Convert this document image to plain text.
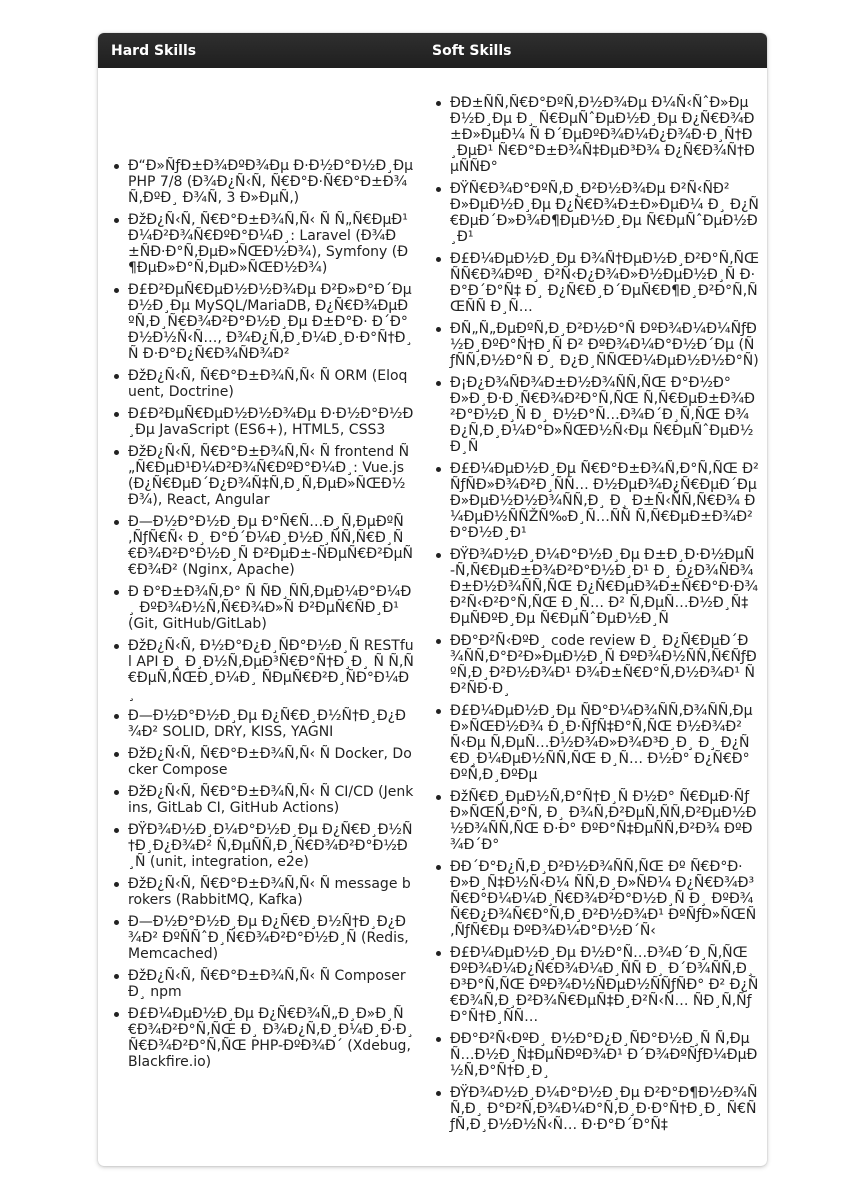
Hard Skills	Soft Skills
Ð“Ð»ÑƒÐ±Ð¾ÐºÐ¾Ðµ Ð·Ð½Ð°Ð½Ð¸Ðµ PHP 7/8 (Ð¾Ð¿Ñ‹Ñ‚ Ñ€Ð°Ð·Ñ€Ð°Ð±Ð¾Ñ‚ÐºÐ¸ Ð¾Ñ‚ 3 Ð»ÐµÑ‚)
ÐžÐ¿Ñ‹Ñ‚ Ñ€Ð°Ð±Ð¾Ñ‚Ñ‹ Ñ Ñ„Ñ€ÐµÐ¹Ð¼Ð²Ð¾Ñ€ÐºÐ°Ð¼Ð¸: Laravel (Ð¾Ð±ÑÐ·Ð°Ñ‚ÐµÐ»ÑŒÐ½Ð¾), Symfony (Ð¶ÐµÐ»Ð°Ñ‚ÐµÐ»ÑŒÐ½Ð¾)
Ð£Ð²ÐµÑ€ÐµÐ½Ð½Ð¾Ðµ Ð²Ð»Ð°Ð´ÐµÐ½Ð¸Ðµ MySQL/MariaDB, Ð¿Ñ€Ð¾ÐµÐºÑ‚Ð¸Ñ€Ð¾Ð²Ð°Ð½Ð¸Ðµ Ð±Ð°Ð· Ð´Ð°Ð½Ð½Ñ‹Ñ…, Ð¾Ð¿Ñ‚Ð¸Ð¼Ð¸Ð·Ð°Ñ†Ð¸Ñ Ð·Ð°Ð¿Ñ€Ð¾ÑÐ¾Ð²
ÐžÐ¿Ñ‹Ñ‚ Ñ€Ð°Ð±Ð¾Ñ‚Ñ‹ Ñ ORM (Eloquent, Doctrine)
Ð£Ð²ÐµÑ€ÐµÐ½Ð½Ð¾Ðµ Ð·Ð½Ð°Ð½Ð¸Ðµ JavaScript (ES6+), HTML5, CSS3
ÐžÐ¿Ñ‹Ñ‚ Ñ€Ð°Ð±Ð¾Ñ‚Ñ‹ Ñ frontend Ñ„Ñ€ÐµÐ¹Ð¼Ð²Ð¾Ñ€ÐºÐ°Ð¼Ð¸: Vue.js (Ð¿Ñ€ÐµÐ´Ð¿Ð¾Ñ‡Ñ‚Ð¸Ñ‚ÐµÐ»ÑŒÐ½Ð¾), React, Angular
Ð—Ð½Ð°Ð½Ð¸Ðµ Ð°Ñ€Ñ…Ð¸Ñ‚ÐµÐºÑ‚ÑƒÑ€Ñ‹ Ð¸ Ð°Ð´Ð¼Ð¸Ð½Ð¸ÑÑ‚Ñ€Ð¸Ñ€Ð¾Ð²Ð°Ð½Ð¸Ñ Ð²ÐµÐ±-ÑÐµÑ€Ð²ÐµÑ€Ð¾Ð² (Nginx, Apache)
Ð Ð°Ð±Ð¾Ñ‚Ð° Ñ ÑÐ¸ÑÑ‚ÐµÐ¼Ð°Ð¼Ð¸ ÐºÐ¾Ð½Ñ‚Ñ€Ð¾Ð»Ñ Ð²ÐµÑ€ÑÐ¸Ð¹ (Git, GitHub/GitLab)
ÐžÐ¿Ñ‹Ñ‚ Ð½Ð°Ð¿Ð¸ÑÐ°Ð½Ð¸Ñ RESTful API Ð¸ Ð¸Ð½Ñ‚ÐµÐ³Ñ€Ð°Ñ†Ð¸Ð¸ Ñ Ñ‚Ñ€ÐµÑ‚ÑŒÐ¸Ð¼Ð¸ ÑÐµÑ€Ð²Ð¸ÑÐ°Ð¼Ð¸
Ð—Ð½Ð°Ð½Ð¸Ðµ Ð¿Ñ€Ð¸Ð½Ñ†Ð¸Ð¿Ð¾Ð² SOLID, DRY, KISS, YAGNI
ÐžÐ¿Ñ‹Ñ‚ Ñ€Ð°Ð±Ð¾Ñ‚Ñ‹ Ñ Docker, Docker Compose
ÐžÐ¿Ñ‹Ñ‚ Ñ€Ð°Ð±Ð¾Ñ‚Ñ‹ Ñ CI/CD (Jenkins, GitLab CI, GitHub Actions)
ÐŸÐ¾Ð½Ð¸Ð¼Ð°Ð½Ð¸Ðµ Ð¿Ñ€Ð¸Ð½Ñ†Ð¸Ð¿Ð¾Ð² Ñ‚ÐµÑÑ‚Ð¸Ñ€Ð¾Ð²Ð°Ð½Ð¸Ñ (unit, integration, e2e)
ÐžÐ¿Ñ‹Ñ‚ Ñ€Ð°Ð±Ð¾Ñ‚Ñ‹ Ñ message brokers (RabbitMQ, Kafka)
Ð—Ð½Ð°Ð½Ð¸Ðµ Ð¿Ñ€Ð¸Ð½Ñ†Ð¸Ð¿Ð¾Ð² ÐºÑÑˆÐ¸Ñ€Ð¾Ð²Ð°Ð½Ð¸Ñ (Redis, Memcached)
ÐžÐ¿Ñ‹Ñ‚ Ñ€Ð°Ð±Ð¾Ñ‚Ñ‹ Ñ Composer Ð¸ npm
Ð£Ð¼ÐµÐ½Ð¸Ðµ Ð¿Ñ€Ð¾Ñ„Ð¸Ð»Ð¸Ñ€Ð¾Ð²Ð°Ñ‚ÑŒ Ð¸ Ð¾Ð¿Ñ‚Ð¸Ð¼Ð¸Ð·Ð¸Ñ€Ð¾Ð²Ð°Ñ‚ÑŒ PHP-ÐºÐ¾Ð´ (Xdebug, Blackfire.io)
ÐÐ±ÑÑ‚Ñ€Ð°ÐºÑ‚Ð½Ð¾Ðµ Ð¼Ñ‹ÑˆÐ»ÐµÐ½Ð¸Ðµ Ð¸ Ñ€ÐµÑˆÐµÐ½Ð¸Ðµ Ð¿Ñ€Ð¾Ð±Ð»ÐµÐ¼ Ñ Ð´ÐµÐºÐ¾Ð¼Ð¿Ð¾Ð·Ð¸Ñ†Ð¸ÐµÐ¹ Ñ€Ð°Ð±Ð¾Ñ‡ÐµÐ³Ð¾ Ð¿Ñ€Ð¾Ñ†ÐµÑÑÐ°
ÐŸÑ€Ð¾Ð°ÐºÑ‚Ð¸Ð²Ð½Ð¾Ðµ Ð²Ñ‹ÑÐ²Ð»ÐµÐ½Ð¸Ðµ Ð¿Ñ€Ð¾Ð±Ð»ÐµÐ¼ Ð¸ Ð¿Ñ€ÐµÐ´Ð»Ð¾Ð¶ÐµÐ½Ð¸Ðµ Ñ€ÐµÑˆÐµÐ½Ð¸Ð¹
Ð£Ð¼ÐµÐ½Ð¸Ðµ Ð¾Ñ†ÐµÐ½Ð¸Ð²Ð°Ñ‚ÑŒ ÑÑ€Ð¾ÐºÐ¸ Ð²Ñ‹Ð¿Ð¾Ð»Ð½ÐµÐ½Ð¸Ñ Ð·Ð°Ð´Ð°Ñ‡ Ð¸ Ð¿Ñ€Ð¸Ð´ÐµÑ€Ð¶Ð¸Ð²Ð°Ñ‚ÑŒÑÑ Ð¸Ñ…
ÐÑ„Ñ„ÐµÐºÑ‚Ð¸Ð²Ð½Ð°Ñ ÐºÐ¾Ð¼Ð¼ÑƒÐ½Ð¸ÐºÐ°Ñ†Ð¸Ñ Ð² ÐºÐ¾Ð¼Ð°Ð½Ð´Ðµ (ÑƒÑÑ‚Ð½Ð°Ñ Ð¸ Ð¿Ð¸ÑÑŒÐ¼ÐµÐ½Ð½Ð°Ñ)
Ð¡Ð¿Ð¾ÑÐ¾Ð±Ð½Ð¾ÑÑ‚ÑŒ Ð°Ð½Ð°Ð»Ð¸Ð·Ð¸Ñ€Ð¾Ð²Ð°Ñ‚ÑŒ Ñ‚Ñ€ÐµÐ±Ð¾Ð²Ð°Ð½Ð¸Ñ Ð¸ Ð½Ð°Ñ…Ð¾Ð´Ð¸Ñ‚ÑŒ Ð¾Ð¿Ñ‚Ð¸Ð¼Ð°Ð»ÑŒÐ½Ñ‹Ðµ Ñ€ÐµÑˆÐµÐ½Ð¸Ñ
Ð£Ð¼ÐµÐ½Ð¸Ðµ Ñ€Ð°Ð±Ð¾Ñ‚Ð°Ñ‚ÑŒ Ð² ÑƒÑÐ»Ð¾Ð²Ð¸ÑÑ… Ð½ÐµÐ¾Ð¿Ñ€ÐµÐ´ÐµÐ»ÐµÐ½Ð½Ð¾ÑÑ‚Ð¸ Ð¸ Ð±Ñ‹ÑÑ‚Ñ€Ð¾ Ð¼ÐµÐ½ÑÑŽÑ‰Ð¸Ñ…ÑÑ Ñ‚Ñ€ÐµÐ±Ð¾Ð²Ð°Ð½Ð¸Ð¹
ÐŸÐ¾Ð½Ð¸Ð¼Ð°Ð½Ð¸Ðµ Ð±Ð¸Ð·Ð½ÐµÑ-Ñ‚Ñ€ÐµÐ±Ð¾Ð²Ð°Ð½Ð¸Ð¹ Ð¸ Ð¿Ð¾ÑÐ¾Ð±Ð½Ð¾ÑÑ‚ÑŒ Ð¿Ñ€ÐµÐ¾Ð±Ñ€Ð°Ð·Ð¾Ð²Ñ‹Ð²Ð°Ñ‚ÑŒ Ð¸Ñ… Ð² Ñ‚ÐµÑ…Ð½Ð¸Ñ‡ÐµÑÐºÐ¸Ðµ Ñ€ÐµÑˆÐµÐ½Ð¸Ñ
ÐÐ°Ð²Ñ‹ÐºÐ¸ code review Ð¸ Ð¿Ñ€ÐµÐ´Ð¾ÑÑ‚Ð°Ð²Ð»ÐµÐ½Ð¸Ñ ÐºÐ¾Ð½ÑÑ‚Ñ€ÑƒÐºÑ‚Ð¸Ð²Ð½Ð¾Ð¹ Ð¾Ð±Ñ€Ð°Ñ‚Ð½Ð¾Ð¹ ÑÐ²ÑÐ·Ð¸
Ð£Ð¼ÐµÐ½Ð¸Ðµ ÑÐ°Ð¼Ð¾ÑÑ‚Ð¾ÑÑ‚ÐµÐ»ÑŒÐ½Ð¾ Ð¸Ð·ÑƒÑ‡Ð°Ñ‚ÑŒ Ð½Ð¾Ð²Ñ‹Ðµ Ñ‚ÐµÑ…Ð½Ð¾Ð»Ð¾Ð³Ð¸Ð¸ Ð¸ Ð¿Ñ€Ð¸Ð¼ÐµÐ½ÑÑ‚ÑŒ Ð¸Ñ… Ð½Ð° Ð¿Ñ€Ð°ÐºÑ‚Ð¸ÐºÐµ
ÐžÑ€Ð¸ÐµÐ½Ñ‚Ð°Ñ†Ð¸Ñ Ð½Ð° Ñ€ÐµÐ·ÑƒÐ»ÑŒÑ‚Ð°Ñ‚ Ð¸ Ð¾Ñ‚Ð²ÐµÑ‚ÑÑ‚Ð²ÐµÐ½Ð½Ð¾ÑÑ‚ÑŒ Ð·Ð° ÐºÐ°Ñ‡ÐµÑÑ‚Ð²Ð¾ ÐºÐ¾Ð´Ð°
ÐÐ´Ð°Ð¿Ñ‚Ð¸Ð²Ð½Ð¾ÑÑ‚ÑŒ Ðº Ñ€Ð°Ð·Ð»Ð¸Ñ‡Ð½Ñ‹Ð¼ ÑÑ‚Ð¸Ð»ÑÐ¼ Ð¿Ñ€Ð¾Ð³Ñ€Ð°Ð¼Ð¼Ð¸Ñ€Ð¾Ð²Ð°Ð½Ð¸Ñ Ð¸ ÐºÐ¾Ñ€Ð¿Ð¾Ñ€Ð°Ñ‚Ð¸Ð²Ð½Ð¾Ð¹ ÐºÑƒÐ»ÑŒÑ‚ÑƒÑ€Ðµ ÐºÐ¾Ð¼Ð°Ð½Ð´Ñ‹
Ð£Ð¼ÐµÐ½Ð¸Ðµ Ð½Ð°Ñ…Ð¾Ð´Ð¸Ñ‚ÑŒ ÐºÐ¾Ð¼Ð¿Ñ€Ð¾Ð¼Ð¸ÑÑ Ð¸ Ð´Ð¾ÑÑ‚Ð¸Ð³Ð°Ñ‚ÑŒ ÐºÐ¾Ð½ÑÐµÐ½ÑÑƒÑÐ° Ð² Ð¿Ñ€Ð¾Ñ‚Ð¸Ð²Ð¾Ñ€ÐµÑ‡Ð¸Ð²Ñ‹Ñ… ÑÐ¸Ñ‚ÑƒÐ°Ñ†Ð¸ÑÑ…
ÐÐ°Ð²Ñ‹ÐºÐ¸ Ð½Ð°Ð¿Ð¸ÑÐ°Ð½Ð¸Ñ Ñ‚ÐµÑ…Ð½Ð¸Ñ‡ÐµÑÐºÐ¾Ð¹ Ð´Ð¾ÐºÑƒÐ¼ÐµÐ½Ñ‚Ð°Ñ†Ð¸Ð¸
ÐŸÐ¾Ð½Ð¸Ð¼Ð°Ð½Ð¸Ðµ Ð²Ð°Ð¶Ð½Ð¾ÑÑ‚Ð¸ Ð°Ð²Ñ‚Ð¾Ð¼Ð°Ñ‚Ð¸Ð·Ð°Ñ†Ð¸Ð¸ Ñ€ÑƒÑ‚Ð¸Ð½Ð½Ñ‹Ñ… Ð·Ð°Ð´Ð°Ñ‡
